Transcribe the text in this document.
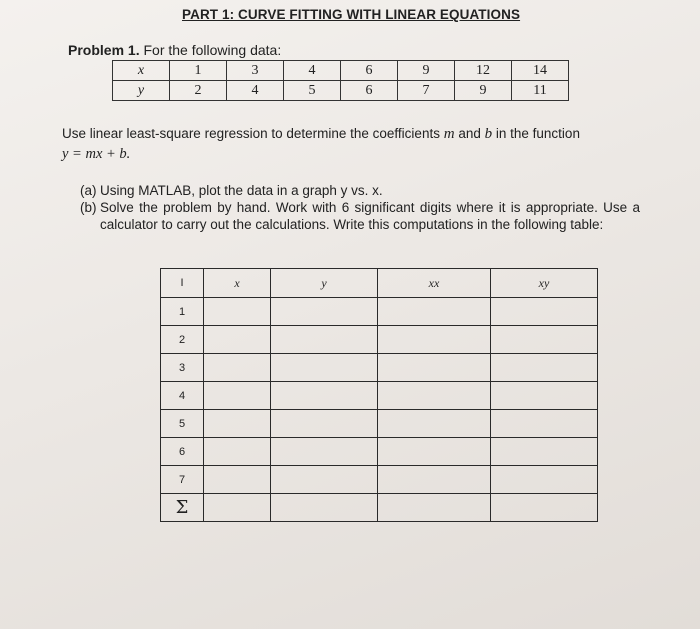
PART 1: CURVE FITTING WITH LINEAR EQUATIONS
Problem 1. For the following data:
x	1	3	4	6	9	12	14
y	2	4	5	6	7	9	11
Use linear least-square regression to determine the coefficients m and b in the function
y = mx + b.
(a) Using MATLAB, plot the data in a graph y vs. x.
(b) Solve the problem by hand. Work with 6 significant digits where it is appropriate. Use a calculator to carry out the calculations. Write this computations in the following table:
I	x	y	xx	xy
1				
2				
3				
4				
5				
6				
7				
Σ				
